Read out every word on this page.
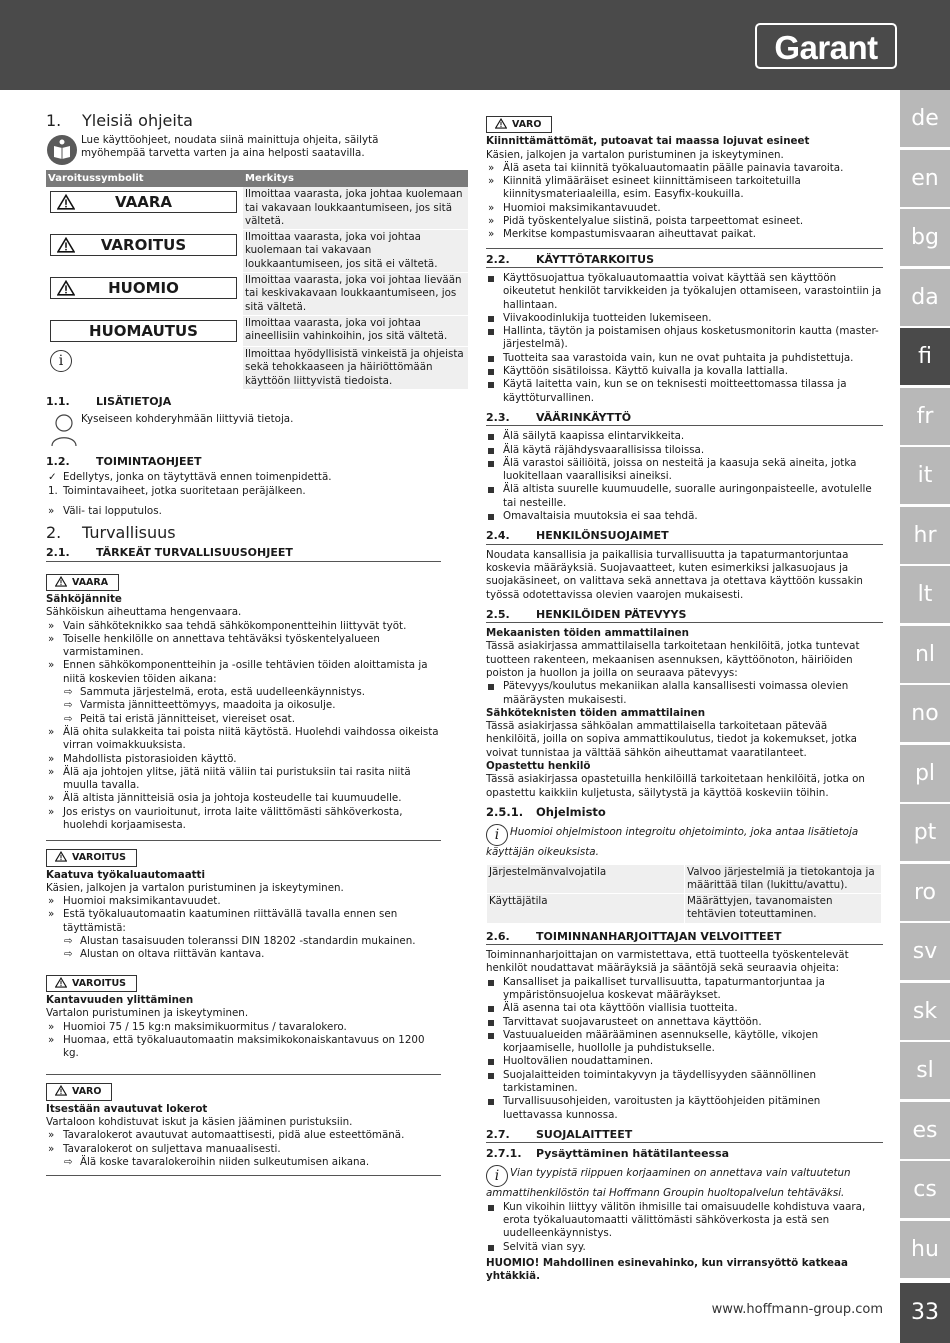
Garant
de
en
bg
da
fi
fr
it
hr
lt
nl
no
pl
pt
ro
sv
sk
sl
es
cs
hu
33
www.hoffmann-group.com
1. Yleisiä ohjeita

Lue käyttöohjeet, noudata siinä mainittuja ohjeita, säilytä myöhempää tarvetta varten ja aina helposti saatavilla.

Varoitussymbolit	Merkitys

VAARA	Ilmoittaa vaarasta, joka johtaa kuolemaan tai vakavaan loukkaantumiseen, jos sitä vältetä.

VAROITUS	Ilmoittaa vaarasta, joka voi johtaa kuolemaan tai vakavaan loukkaantumiseen, jos sitä ei vältetä.

HUOMIO	Ilmoittaa vaarasta, joka voi johtaa lievään tai keskivakavaan loukkaantumiseen, jos sitä vältetä.

HUOMAUTUS	Ilmoittaa vaarasta, joka voi johtaa aineellisiin vahinkoihin, jos sitä vältetä.
i	Ilmoittaa hyödyllisistä vinkeistä ja ohjeista sekä tehokkaaseen ja häiriöttömään käyttöön liittyvistä tiedoista.
1.1. LISÄTIETOJA

Kyseiseen kohderyhmään liittyviä tietoja.

1.2. TOIMINTAOHJEET
✓ Edellytys, jonka on täytyttävä ennen toimenpidettä.
1. Toimintavaiheet, jotka suoritetaan peräjälkeen.
» Väli- tai lopputulos.
2. Turvallisuus
2.1. TÄRKEÄT TURVALLISUUSOHJEET
VAARA

Sähköjännite

Sähköiskun aiheuttama hengenvaara.

» Vain sähköteknikko saa tehdä sähkökomponentteihin liittyvät työt.
» Toiselle henkilölle on annettava tehtäväksi työskentelyalueen varmistaminen.
» Ennen sähkökomponentteihin ja -osille tehtävien töiden aloittamista ja niitä koskevien töiden aikana:
⇨ Sammuta järjestelmä, erota, estä uudelleenkäynnistys.
⇨ Varmista jännitteettömyys, maadoita ja oikosulje.
⇨ Peitä tai eristä jännitteiset, viereiset osat.
» Älä ohita sulakkeita tai poista niitä käytöstä. Huolehdi vaihdossa oikeista virran voimakkuuksista.
» Mahdollista pistorasioiden käyttö.
» Älä aja johtojen ylitse, jätä niitä väliin tai puristuksiin tai rasita niitä muulla tavalla.
» Älä altista jännitteisiä osia ja johtoja kosteudelle tai kuumuudelle.
» Jos eristys on vaurioitunut, irrota laite välittömästi sähköverkosta, huolehdi korjaamisesta.
VAROITUS

Kaatuva työkaluautomaatti

Käsien, jalkojen ja vartalon puristuminen ja iskeytyminen.

» Huomioi maksimikantavuudet.
» Estä työkaluautomaatin kaatuminen riittävällä tavalla ennen sen täyttämistä:
⇨ Alustan tasaisuuden toleranssi DIN 18202 -standardin mukainen.
⇨ Alustan on oltava riittävän kantava.
VAROITUS

Kantavuuden ylittäminen

Vartalon puristuminen ja iskeytyminen.

» Huomioi 75 / 15 kg:n maksimikuormitus / tavaralokero.
» Huomaa, että työkaluautomaatin maksimikokonaiskantavuus on 1200 kg.
VARO

Itsestään avautuvat lokerot

Vartaloon kohdistuvat iskut ja käsien jääminen puristuksiin.

» Tavaralokerot avautuvat automaattisesti, pidä alue esteettömänä.
» Tavaralokerot on suljettava manuaalisesti.
⇨ Älä koske tavaralokeroihin niiden sulkeutumisen aikana.
VARO

Kiinnittämättömät, putoavat tai maassa lojuvat esineet

Käsien, jalkojen ja vartalon puristuminen ja iskeytyminen.

» Älä aseta tai kiinnitä työkaluautomaatin päälle painavia tavaroita.
» Kiinnitä ylimääräiset esineet kiinnittämiseen tarkoitetuilla kiinnitysmateriaaleilla, esim. Easyfix-koukuilla.
» Huomioi maksimikantavuudet.
» Pidä työskentelyalue siistinä, poista tarpeettomat esineet.
» Merkitse kompastumisvaaran aiheuttavat paikat.
2.2. KÄYTTÖTARKOITUS
Käyttösuojattua työkaluautomaattia voivat käyttää sen käyttöön oikeutetut henkilöt tarvikkeiden ja työkalujen ottamiseen, varastointiin ja hallintaan.
Viivakoodinlukija tuotteiden lukemiseen.
Hallinta, täytön ja poistamisen ohjaus kosketusmonitorin kautta (master-järjestelmä).
Tuotteita saa varastoida vain, kun ne ovat puhtaita ja puhdistettuja.
Käyttöön sisätiloissa. Käyttö kuivalla ja kovalla lattialla.
Käytä laitetta vain, kun se on teknisesti moitteettomassa tilassa ja käyttöturvallinen.
2.3. VÄÄRINKÄYTTÖ
Älä säilytä kaapissa elintarvikkeita.
Älä käytä räjähdysvaarallisissa tiloissa.
Älä varastoi säiliöitä, joissa on nesteitä ja kaasuja sekä aineita, jotka luokitellaan vaarallisiksi aineiksi.
Älä altista suurelle kuumuudelle, suoralle auringonpaisteelle, avotulelle tai nesteille.
Omavaltaisia muutoksia ei saa tehdä.
2.4. HENKILÖNSUOJAIMET

Noudata kansallisia ja paikallisia turvallisuutta ja tapaturmantorjuntaa koskevia määräyksiä. Suojavaatteet, kuten esimerkiksi jalkasuojaus ja suojakäsineet, on valittava sekä annettava ja otettava käyttöön kussakin työssä odotettavissa olevien vaarojen mukaisesti.

2.5. HENKILÖIDEN PÄTEVYYS

Mekaanisten töiden ammattilainen

Tässä asiakirjassa ammattilaisella tarkoitetaan henkilöitä, jotka tuntevat tuotteen rakenteen, mekaanisen asennuksen, käyttöönoton, häiriöiden poiston ja huollon ja joilla on seuraava pätevyys:

Pätevyys/koulutus mekaniikan alalla kansallisesti voimassa olevien määräysten mukaisesti.

Sähköteknisten töiden ammattilainen

Tässä asiakirjassa sähköalan ammattilaisella tarkoitetaan pätevää henkilöitä, joilla on sopiva ammattikoulutus, tiedot ja kokemukset, jotka voivat tunnistaa ja välttää sähkön aiheuttamat vaaratilanteet.

Opastettu henkilö

Tässä asiakirjassa opastetuilla henkilöillä tarkoitetaan henkilöitä, jotka on opastettu kaikkiin kuljetusta, säilytystä ja käyttöä koskeviin töihin.

2.5.1. Ohjelmisto

i Huomioi ohjelmistoon integroitu ohjetoiminto, joka antaa lisätietoja käyttäjän oikeuksista.

Järjestelmänvalvojatila	Valvoo järjestelmiä ja tietokantoja ja määrittää tilan (lukittu/avattu).
Käyttäjätila	Määrättyjen, tavanomaisten tehtävien toteuttaminen.
2.6. TOIMINNANHARJOITTAJAN VELVOITTEET

Toiminnanharjoittajan on varmistettava, että tuotteella työskentelevät henkilöt noudattavat määräyksiä ja sääntöjä sekä seuraavia ohjeita:

Kansalliset ja paikalliset turvallisuutta, tapaturmantorjuntaa ja ympäristönsuojelua koskevat määräykset.
Älä asenna tai ota käyttöön viallisia tuotteita.
Tarvittavat suojavarusteet on annettava käyttöön.
Vastuualueiden määrääminen asennukselle, käytölle, vikojen korjaamiselle, huollolle ja puhdistukselle.
Huoltovälien noudattaminen.
Suojalaitteiden toimintakyvyn ja täydellisyyden säännöllinen tarkistaminen.
Turvallisuusohjeiden, varoitusten ja käyttöohjeiden pitäminen luettavassa kunnossa.
2.7. SUOJALAITTEET
2.7.1. Pysäyttäminen hätätilanteessa

i Vian tyypistä riippuen korjaaminen on annettava vain valtuutetun ammattihenkilöstön tai Hoffmann Groupin huoltopalvelun tehtäväksi.

Kun vikoihin liittyy välitön ihmisille tai omaisuudelle kohdistuva vaara, erota työkaluautomaatti välittömästi sähköverkosta ja estä sen uudelleenkäynnistys.
Selvitä vian syy.

HUOMIO! Mahdollinen esinevahinko, kun virransyöttö katkeaa yhtäkkiä.
